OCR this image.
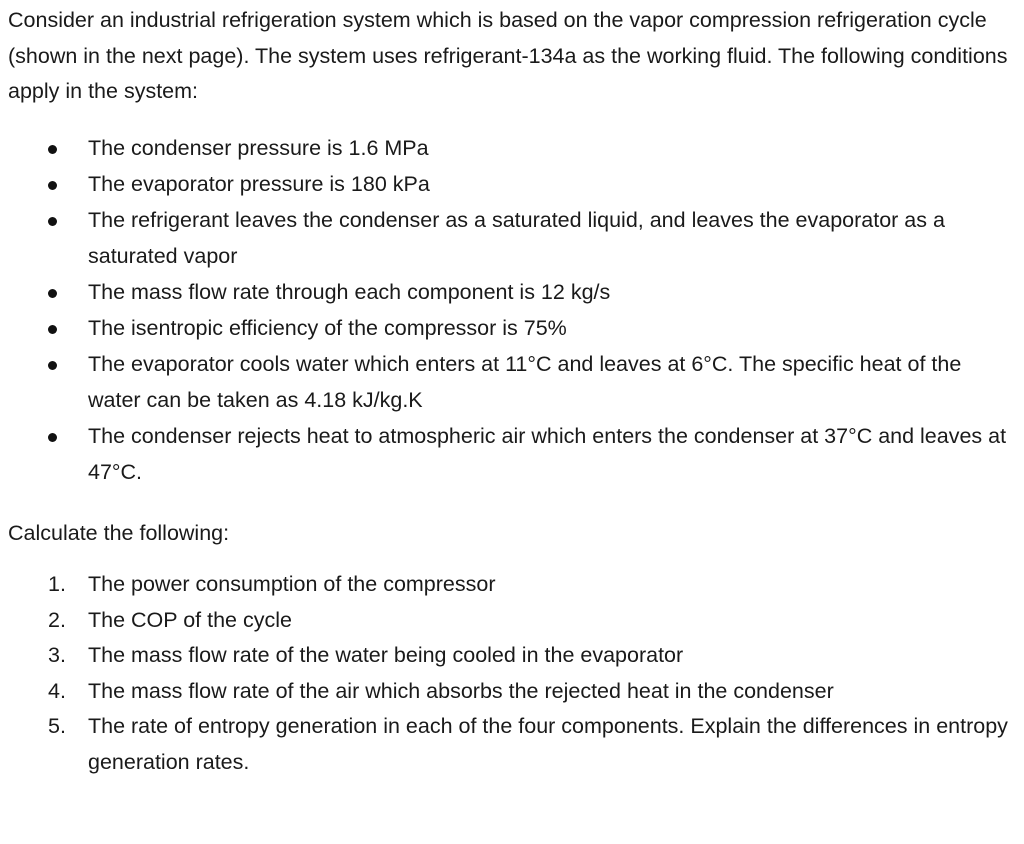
Consider an industrial refrigeration system which is based on the vapor compression refrigeration cycle (shown in the next page). The system uses refrigerant-134a as the working fluid. The following conditions apply in the system:

The condenser pressure is 1.6 MPa
The evaporator pressure is 180 kPa
The refrigerant leaves the condenser as a saturated liquid, and leaves the evaporator as a saturated vapor
The mass flow rate through each component is 12 kg/s
The isentropic efficiency of the compressor is 75%
The evaporator cools water which enters at 11°C and leaves at 6°C. The specific heat of the water can be taken as 4.18 kJ/kg.K
The condenser rejects heat to atmospheric air which enters the condenser at 37°C and leaves at 47°C.

Calculate the following:

1. The power consumption of the compressor
2. The COP of the cycle
3. The mass flow rate of the water being cooled in the evaporator
4. The mass flow rate of the air which absorbs the rejected heat in the condenser
5. The rate of entropy generation in each of the four components. Explain the differences in entropy generation rates.
